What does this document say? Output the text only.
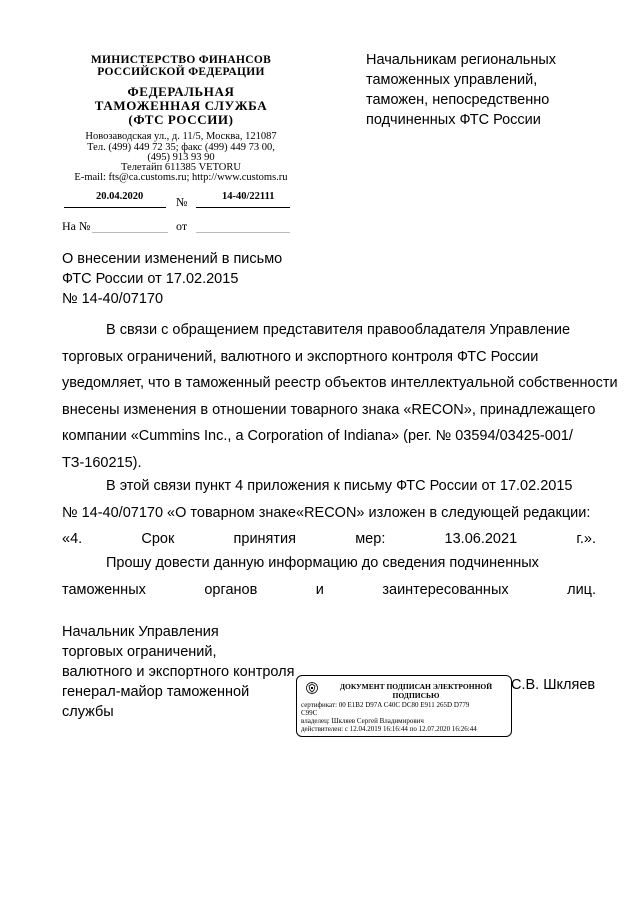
МИНИСТЕРСТВО ФИНАНСОВ
РОССИЙСКОЙ ФЕДЕРАЦИИ
ФЕДЕРАЛЬНАЯ
ТАМОЖЕННАЯ СЛУЖБА
(ФТС РОССИИ)
Новозаводская ул., д. 11/5, Москва, 121087
Тел. (499) 449 72 35; факс (499) 449 73 00,
(495) 913 93 90
Телетайп 611385 VETORU
E-mail: fts@ca.customs.ru; http://www.customs.ru
20.04.2020	№	14-40/22111
На №	от
Начальникам региональных
таможенных управлений,
таможен, непосредственно
подчиненных ФТС России
О внесении изменений в письмо
ФТС России от 17.02.2015
№ 14-40/07170
В связи с обращением представителя правообладателя Управление
торговых ограничений, валютного и экспортного контроля ФТС России
уведомляет, что в таможенный реестр объектов интеллектуальной собственности
внесены изменения в отношении товарного знака «RECON», принадлежащего
компании «Cummins Inc., a Corporation of Indiana» (рег. № 03594/03425-001/
ТЗ-160215).
В этой связи пункт 4 приложения к письму ФТС России от 17.02.2015
№ 14-40/07170 «О товарном знаке«RECON» изложен в следующей редакции:
«4. Срок принятия мер: 13.06.2021 г.».
Прошу довести данную информацию до сведения подчиненных
таможенных органов и заинтересованных лиц.
Начальник Управления
торговых ограничений,
валютного и экспортного контроля
генерал-майор таможенной службы
ДОКУМЕНТ ПОДПИСАН ЭЛЕКТРОННОЙ
ПОДПИСЬЮ
сертификат: 00 E1B2 D97A C40C DC80 E911 265D D779
C99C
владелец: Шкляев Сергей Владимирович
действителен: с 12.04.2019 16:16:44 по 12.07.2020 16:26:44
С.В. Шкляев
